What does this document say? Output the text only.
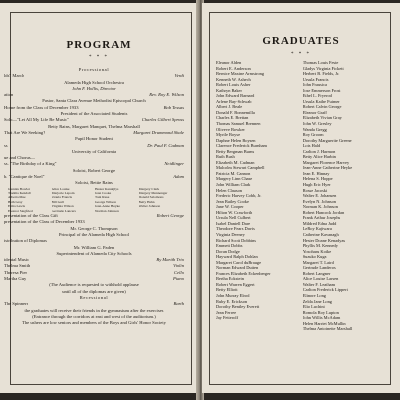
PROGRAM
* * *
Processional
lds" March	Verdi
Alameda High School Orchestra
John F. Hollis, Director
ation	Rev. Roy E. Wilson
Pastor, Santa Clara Avenue Methodist Episcopal Church
Home from the Class of December 1933	Bob Tessas
President of the Associated Students
Solo—"Let All My Life Be Music"	Charles Gilbert Spross
Betty Rains, Margaret Manquet, Thelma Marshall
That Are We Seeking?	Margaret Drummond Shale
Pupil Honor Student
ss	Dr. Paul F. Cadman
University of California
ue and Chorus—
ss. "The Birthday of a King"	Neidlinger
Soloist, Robert George
b. "Cantique de Noel"	Adam
Soloist, Bettie Rains
Glennis Bowler	Alice Louise	Hester Kanaijlys	Margery Clark
Thelma Kendall	Marjorie Lapoin	Jean Cooke	Margery Mennenger
Alberta Mae	Ursula Francis	Toni Ruse	Donald Salomons
Beth Gray	Bill Gull	George Wilson	Betty Hahn
Erma Lewis	Virginia Wilson	Jean-Anne Heyke	Walter Johnson
Eleanor Siegfried	Gertrude Lancers	Norman Johnson
presentation of the Class Gift	Robert George
presentation of the Class of December 1933
Mr. George C. Thompson
Principal of the Alameda High School
istribution of Diplomas
Mr. William G. Paden
Superintendent of Alameda City Schools
idental Music	By Marith Trio
Thelma Smith	Violin
Theresa Pier	Cello
Martha Guy	Piano
(The Audience is requested to withhold applause
until all of the diplomas are given)
Recessional
The Spinners	Barth
the graduates will receive their friends in the gymnasium after the exercises
(Entrance through the corridors at east and west of the auditorium.)
The ushers are low seniors and members of the Boys and Girls' Honor Society
GRADUATES
* * *
Eleanor Alden
Robert E. Anderson
Bernice Maxine Armstrong
Kenneth W. Ashech
Robert Louis Asher
Kathryn Baker
John Edward Barnard
Arlene Bay-Schwab
Albert J. Beale
Donald F. Bonnemilla
Charles E. Brettan
Thomas Samuel Brennen
Oliveve Bowker
Myrtle Boyse
Daphne Helen Boysen
Clarence Frederick Burnham
Betty Bergman Burns
Ruth Bush
Elizabeth M. Cadman
Malcolm Stewart Campbell
Patricia M. Cannon
Margery Linn Chase
John William Clark
Helen Clauson
Frederic Harvey Cobb, Jr.
Jean Bailey Cooke
Jane W. Cooper
Hilton W. Crawforth
Ursula Nell Culbert
Isabel Daniell Dare
Theodore Fears Davis
Virginia Deeney
Richard Scott Dobbins
Emmett Dobbs
Doran Dodge
Hayward Ralph Dohlan
Margaret Carol duBrauge
Norman Edward Dutten
Frances Elizabeth Eckenberger
Bertha Eckstein
Robert Warren Eggert
Betty Elliott
John Murray Elrod
Ruby E. Erickson
Dorothy Bentley Everett
Jean Ferree
Jay Fetterolf
Thomas Louis Feste
Gladys Virginia Fickett
Herbert B. Fields, Jr.
Ursula Francis
John Frausica
Jose Emmerson Frost
Ethel L. Fryerod
Ursula Kathe Fuimer
Robert Calvin George
Eleanor Graff
Elizabeth Vivian Gray
John W. Gresley
Wanda Gregg
Roy Groom
Dorothy Marguerite Greene
Lois Hald
Carlton J. Harmon
Betty Alice Harbin
Margaret Florence Harvey
Jean-Anne Catherine Heyke
Jean E. Hinnay
Helena S. Hoppe
Hugh Eric Hyer
Rosse Jacoski
Walter E. Johansen
Evelyn N. Johnson
Norman K. Johnson
Robert Hancock Jordan
Frank Arthur Josephs
Mildred Edna Judd
LeRoy Kajiwara
Catherine Kavanagh
Hester Doane Kenadyas
Phyllis M. Kennedy
Yosoharu Koike
Suzuko Kuga
Margaret T. Laird
Gertrude Landeros
Robert Langner
Alice Louise Larsen
Walter F. Leatham
Carlton Frederick Lippert
Elinore Long
Zelda Jane Long
Elio Luchini
Romola Roy Lupton
John Willis McAdam
Helen Harriet McMullin
Thelma Antoinette Marshall
